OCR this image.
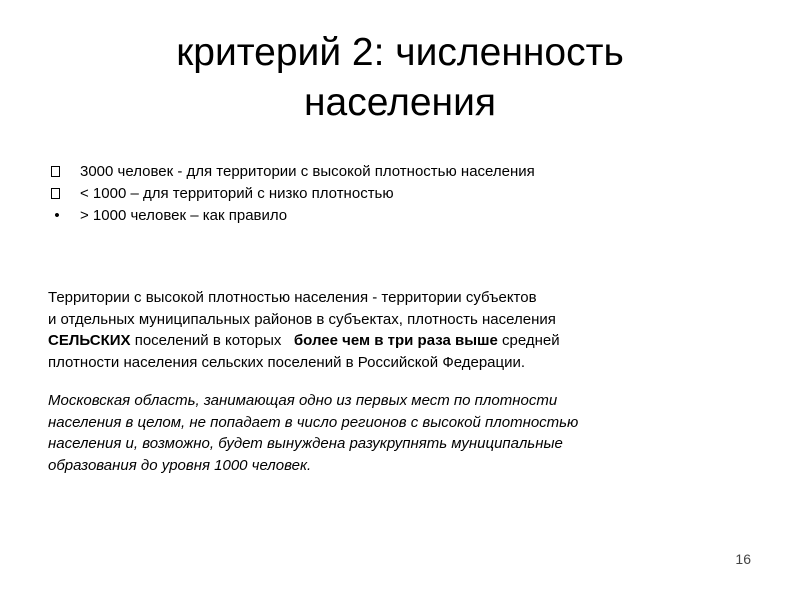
критерий 2: численность
населения
3000 человек - для территории с высокой плотностью населения
< 1000 – для территорий с низко плотностью
• > 1000 человек – как правило

Территории с высокой плотностью населения - территории субъектов
и отдельных муниципальных районов в субъектах, плотность населения
СЕЛЬСКИХ поселений в которых   более чем в три раза выше средней
плотности населения сельских поселений в Российской Федерации.

Московская область, занимающая одно из первых мест по плотности
населения в целом, не попадает в число регионов с высокой плотностью
населения и, возможно, будет вынуждена разукрупнять муниципальные
образования до уровня 1000 человек.

16
